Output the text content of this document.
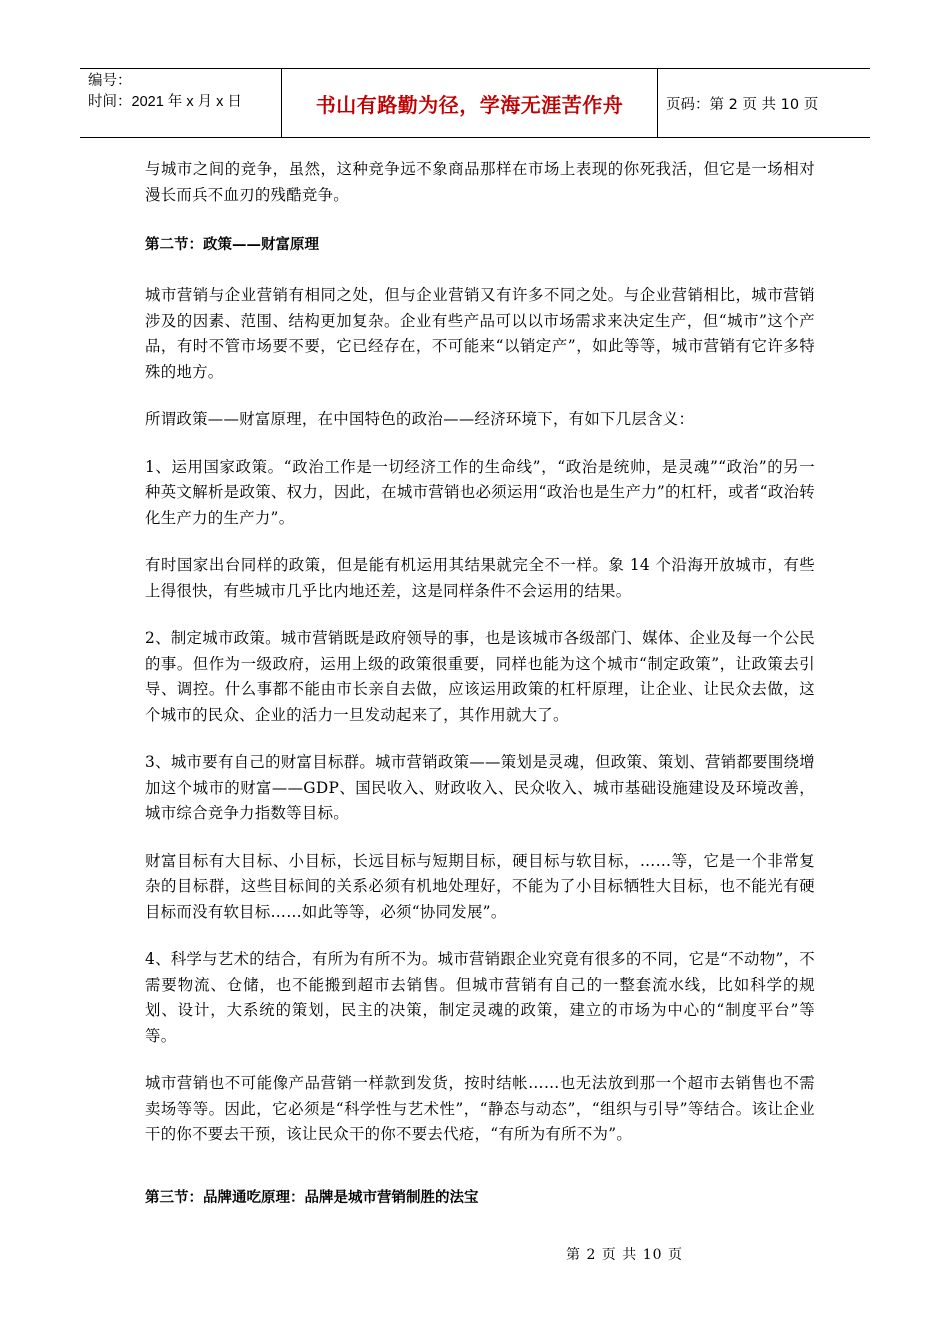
编号：
时间：2021 年 x 月 x 日	书山有路勤为径，学海无涯苦作舟	页码：第 2 页 共 10 页

与城市之间的竞争，虽然，这种竞争远不象商品那样在市场上表现的你死我活，但它是一场相对漫长而兵不血刃的残酷竞争。

第二节：政策——财富原理

城市营销与企业营销有相同之处，但与企业营销又有许多不同之处。与企业营销相比，城市营销涉及的因素、范围、结构更加复杂。企业有些产品可以以市场需求来决定生产，但“城市”这个产品，有时不管市场要不要，它已经存在，不可能来“以销定产”，如此等等，城市营销有它许多特殊的地方。

所谓政策——财富原理，在中国特色的政治——经济环境下，有如下几层含义：

1、运用国家政策。“政治工作是一切经济工作的生命线”，“政治是统帅，是灵魂”“政治”的另一种英文解析是政策、权力，因此，在城市营销也必须运用“政治也是生产力”的杠杆，或者“政治转化生产力的生产力”。

有时国家出台同样的政策，但是能有机运用其结果就完全不一样。象 14 个沿海开放城市，有些上得很快，有些城市几乎比内地还差，这是同样条件不会运用的结果。

2、制定城市政策。城市营销既是政府领导的事，也是该城市各级部门、媒体、企业及每一个公民的事。但作为一级政府，运用上级的政策很重要，同样也能为这个城市“制定政策”，让政策去引导、调控。什么事都不能由市长亲自去做，应该运用政策的杠杆原理，让企业、让民众去做，这个城市的民众、企业的活力一旦发动起来了，其作用就大了。

3、城市要有自己的财富目标群。城市营销政策——策划是灵魂，但政策、策划、营销都要围绕增加这个城市的财富——GDP、国民收入、财政收入、民众收入、城市基础设施建设及环境改善，城市综合竞争力指数等目标。

财富目标有大目标、小目标，长远目标与短期目标，硬目标与软目标，……等，它是一个非常复杂的目标群，这些目标间的关系必须有机地处理好，不能为了小目标牺牲大目标，也不能光有硬目标而没有软目标……如此等等，必须“协同发展”。

4、科学与艺术的结合，有所为有所不为。城市营销跟企业究竟有很多的不同，它是“不动物”，不需要物流、仓储，也不能搬到超市去销售。但城市营销有自己的一整套流水线，比如科学的规划、设计，大系统的策划，民主的决策，制定灵魂的政策，建立的市场为中心的“制度平台”等等。

城市营销也不可能像产品营销一样款到发货，按时结帐……也无法放到那一个超市去销售也不需卖场等等。因此，它必须是“科学性与艺术性”，“静态与动态”，“组织与引导”等结合。该让企业干的你不要去干预，该让民众干的你不要去代疮，“有所为有所不为”。

第三节：品牌通吃原理：品牌是城市营销制胜的法宝
第 2 页 共 10 页
